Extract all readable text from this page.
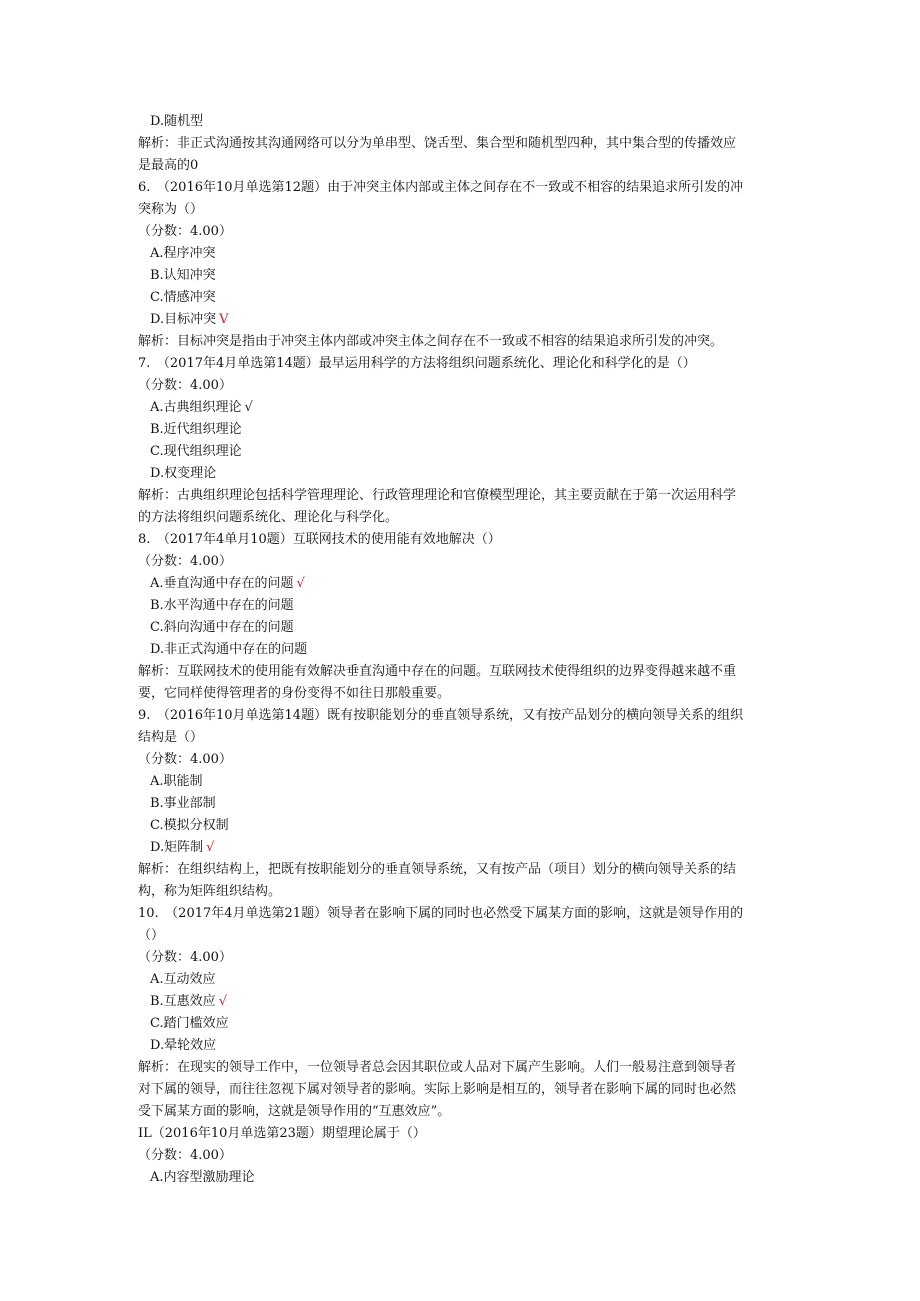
D.随机型
解析：非正式沟通按其沟通网络可以分为单串型、饶舌型、集合型和随机型四种，其中集合型的传播效应
是最高的0
6.　（2016年10月单选第12题）由于冲突主体内部或主体之间存在不一致或不相容的结果追求所引发的冲
突称为（）
（分数：4.00）
A.程序冲突
B.认知冲突
C.情感冲突
D.目标冲突 V
解析：目标冲突是指由于冲突主体内部或冲突主体之间存在不一致或不相容的结果追求所引发的冲突。
7.　（2017年4月单选第14题）最早运用科学的方法将组织问题系统化、理论化和科学化的是（）
（分数：4.00）
A.古典组织理论 √
B.近代组织理论
C.现代组织理论
D.权变理论
解析：古典组织理论包括科学管理理论、行政管理理论和官僚模型理论，其主要贡献在于第一次运用科学
的方法将组织问题系统化、理论化与科学化。
8.　（2017年4单月10题）互联网技术的使用能有效地解决（）
（分数：4.00）
A.垂直沟通中存在的问题 √
B.水平沟通中存在的问题
C.斜向沟通中存在的问题
D.非正式沟通中存在的问题
解析：互联网技术的使用能有效解决垂直沟通中存在的问题。互联网技术使得组织的边界变得越来越不重
要，它同样使得管理者的身份变得不如往日那般重要。
9.　（2016年10月单选第14题）既有按职能划分的垂直领导系统，又有按产品划分的横向领导关系的组织
结构是（）
（分数：4.00）
A.职能制
B.事业部制
C.模拟分权制
D.矩阵制 √
解析：在组织结构上，把既有按职能划分的垂直领导系统，又有按产品（项目）划分的横向领导关系的结
构，称为矩阵组织结构。
10.　（2017年4月单选第21题）领导者在影响下属的同时也必然受下属某方面的影响，这就是领导作用的
（）
（分数：4.00）
A.互动效应
B.互惠效应 √
C.踏门槛效应
D.晕轮效应
解析：在现实的领导工作中，一位领导者总会因其职位或人品对下属产生影响。人们一般易注意到领导者
对下属的领导，而往往忽视下属对领导者的影响。实际上影响是相互的，领导者在影响下属的同时也必然
受下属某方面的影响，这就是领导作用的“互惠效应”。
IL（2016年10月单选第23题）期望理论属于（）
（分数：4.00）
A.内容型激励理论
